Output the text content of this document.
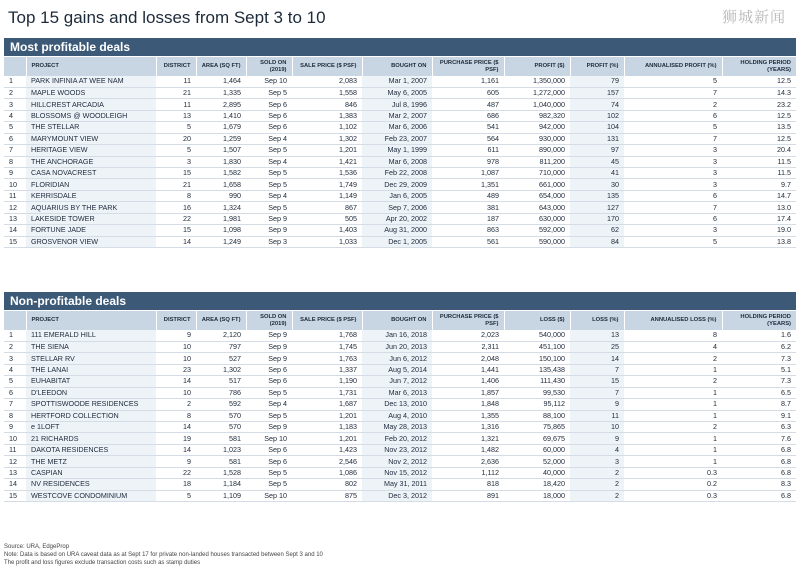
Top 15 gains and losses from Sept 3 to 10	狮城新闻
Most profitable deals
	PROJECT	DISTRICT	AREA (SQ FT)	SOLD ON (2019)	SALE PRICE ($ PSF)	BOUGHT ON	PURCHASE PRICE ($ PSF)	PROFIT ($)	PROFIT (%)	ANNUALISED PROFIT (%)	HOLDING PERIOD (YEARS)
1	PARK INFINIA AT WEE NAM	11	1,464	Sep 10	2,083	Mar 1, 2007	1,161	1,350,000	79	5	12.5
2	MAPLE WOODS	21	1,335	Sep 5	1,558	May 6, 2005	605	1,272,000	157	7	14.3
3	HILLCREST ARCADIA	11	2,895	Sep 6	846	Jul 8, 1996	487	1,040,000	74	2	23.2
4	BLOSSOMS @ WOODLEIGH	13	1,410	Sep 6	1,383	Mar 2, 2007	686	982,320	102	6	12.5
5	THE STELLAR	5	1,679	Sep 6	1,102	Mar 6, 2006	541	942,000	104	5	13.5
6	MARYMOUNT VIEW	20	1,259	Sep 4	1,302	Feb 23, 2007	564	930,000	131	7	12.5
7	HERITAGE VIEW	5	1,507	Sep 5	1,201	May 1, 1999	611	890,000	97	3	20.4
8	THE ANCHORAGE	3	1,830	Sep 4	1,421	Mar 6, 2008	978	811,200	45	3	11.5
9	CASA NOVACREST	15	1,582	Sep 5	1,536	Feb 22, 2008	1,087	710,000	41	3	11.5
10	FLORIDIAN	21	1,658	Sep 5	1,749	Dec 29, 2009	1,351	661,000	30	3	9.7
11	KERRISDALE	8	990	Sep 4	1,149	Jan 6, 2005	489	654,000	135	6	14.7
12	AQUARIUS BY THE PARK	16	1,324	Sep 5	867	Sep 7, 2006	381	643,000	127	7	13.0
13	LAKESIDE TOWER	22	1,981	Sep 9	505	Apr 20, 2002	187	630,000	170	6	17.4
14	FORTUNE JADE	15	1,098	Sep 9	1,403	Aug 31, 2000	863	592,000	62	3	19.0
15	GROSVENOR VIEW	14	1,249	Sep 3	1,033	Dec 1, 2005	561	590,000	84	5	13.8
Non-profitable deals
	PROJECT	DISTRICT	AREA (SQ FT)	SOLD ON (2019)	SALE PRICE ($ PSF)	BOUGHT ON	PURCHASE PRICE ($ PSF)	LOSS ($)	LOSS (%)	ANNUALISED LOSS (%)	HOLDING PERIOD (YEARS)
1	111 EMERALD HILL	9	2,120	Sep 9	1,768	Jan 16, 2018	2,023	540,000	13	8	1.6
2	THE SIENA	10	797	Sep 9	1,745	Jun 20, 2013	2,311	451,100	25	4	6.2
3	STELLAR RV	10	527	Sep 9	1,763	Jun 6, 2012	2,048	150,100	14	2	7.3
4	THE LANAI	23	1,302	Sep 6	1,337	Aug 5, 2014	1,441	135,438	7	1	5.1
5	EUHABITAT	14	517	Sep 6	1,190	Jun 7, 2012	1,406	111,430	15	2	7.3
6	D'LEEDON	10	786	Sep 5	1,731	Mar 6, 2013	1,857	99,530	7	1	6.5
7	SPOTTISWOODE RESIDENCES	2	592	Sep 4	1,687	Dec 13, 2010	1,848	95,112	9	1	8.7
8	HERTFORD COLLECTION	8	570	Sep 5	1,201	Aug 4, 2010	1,355	88,100	11	1	9.1
9	e 1LOFT	14	570	Sep 9	1,183	May 28, 2013	1,316	75,865	10	2	6.3
10	21 RICHARDS	19	581	Sep 10	1,201	Feb 20, 2012	1,321	69,675	9	1	7.6
11	DAKOTA RESIDENCES	14	1,023	Sep 6	1,423	Nov 23, 2012	1,482	60,000	4	1	6.8
12	THE METZ	9	581	Sep 6	2,546	Nov 2, 2012	2,636	52,000	3	1	6.8
13	CASPIAN	22	1,528	Sep 5	1,086	Nov 15, 2012	1,112	40,000	2	0.3	6.8
14	NV RESIDENCES	18	1,184	Sep 5	802	May 31, 2011	818	18,420	2	0.2	8.3
15	WESTCOVE CONDOMINIUM	5	1,109	Sep 10	875	Dec 3, 2012	891	18,000	2	0.3	6.8
Source: URA, EdgeProp
Note: Data is based on URA caveat data as at Sept 17 for private non-landed houses transacted between Sept 3 and 10
The profit and loss figures exclude transaction costs such as stamp duties
